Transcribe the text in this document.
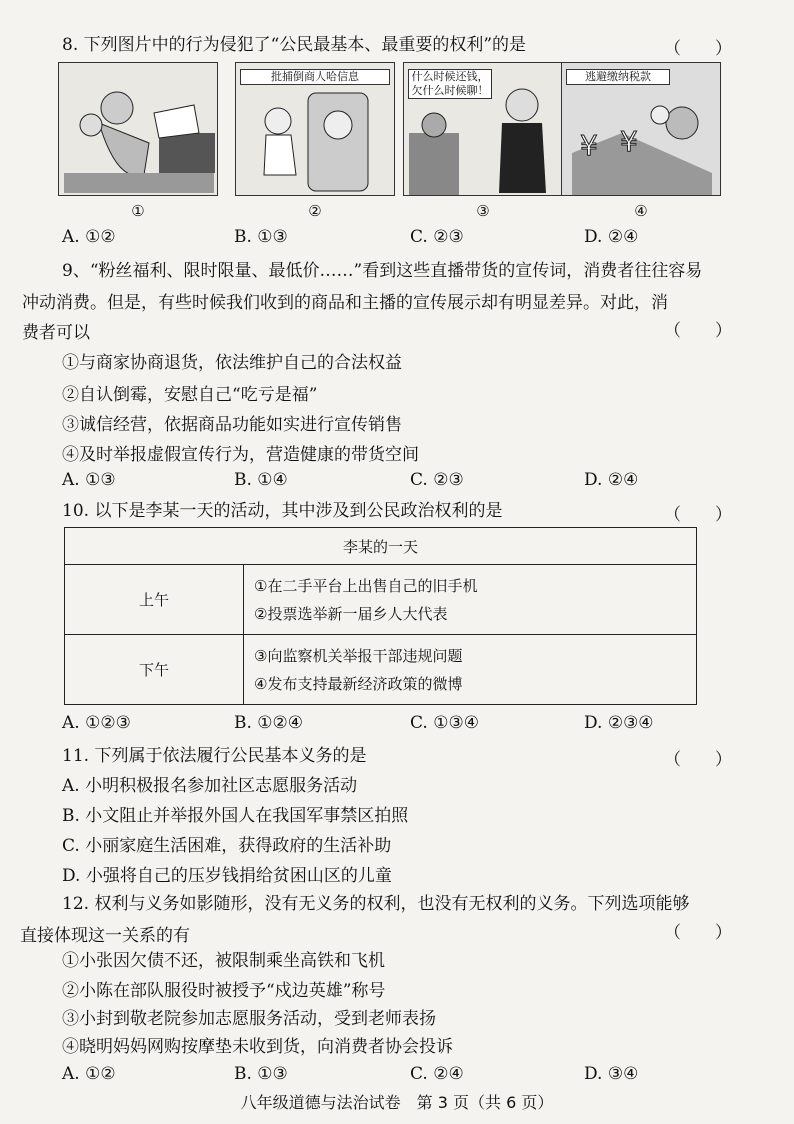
8. 下列图片中的行为侵犯了“公民最基本、最重要的权利”的是	（　　）
批捕倒商人哈信息	什么时候还钱，欠什么时候聊！
逃避缴纳税款
¥ ¥
①	②	③	④
A. ①②	B. ①③	C. ②③	D. ②④
9、“粉丝福利、限时限量、最低价……”看到这些直播带货的宣传词，消费者往往容易
冲动消费。但是，有些时候我们收到的商品和主播的宣传展示却有明显差异。对此，消
费者可以	（　　）
①与商家协商退货，依法维护自己的合法权益
②自认倒霉，安慰自己“吃亏是福”
③诚信经营，依据商品功能如实进行宣传销售
④及时举报虚假宣传行为，营造健康的带货空间
A. ①③	B. ①④	C. ②③	D. ②④
10. 以下是李某一天的活动，其中涉及到公民政治权利的是	（　　）
李某的一天	
上午	①在二手平台上出售自己的旧手机
②投票选举新一届乡人大代表

下午	③向监察机关举报干部违规问题
④发布支持最新经济政策的微博
A. ①②③	B. ①②④	C. ①③④	D. ②③④
11. 下列属于依法履行公民基本义务的是	（　　）
A. 小明积极报名参加社区志愿服务活动
B. 小文阻止并举报外国人在我国军事禁区拍照
C. 小丽家庭生活困难，获得政府的生活补助
D. 小强将自己的压岁钱捐给贫困山区的儿童
12. 权利与义务如影随形，没有无义务的权利，也没有无权利的义务。下列选项能够
直接体现这一关系的有	（　　）
①小张因欠债不还，被限制乘坐高铁和飞机
②小陈在部队服役时被授予“戍边英雄”称号
③小封到敬老院参加志愿服务活动，受到老师表扬
④晓明妈妈网购按摩垫未收到货，向消费者协会投诉
A. ①②	B. ①③	C. ②④	D. ③④
八年级道德与法治试卷　第 3 页（共 6 页）
